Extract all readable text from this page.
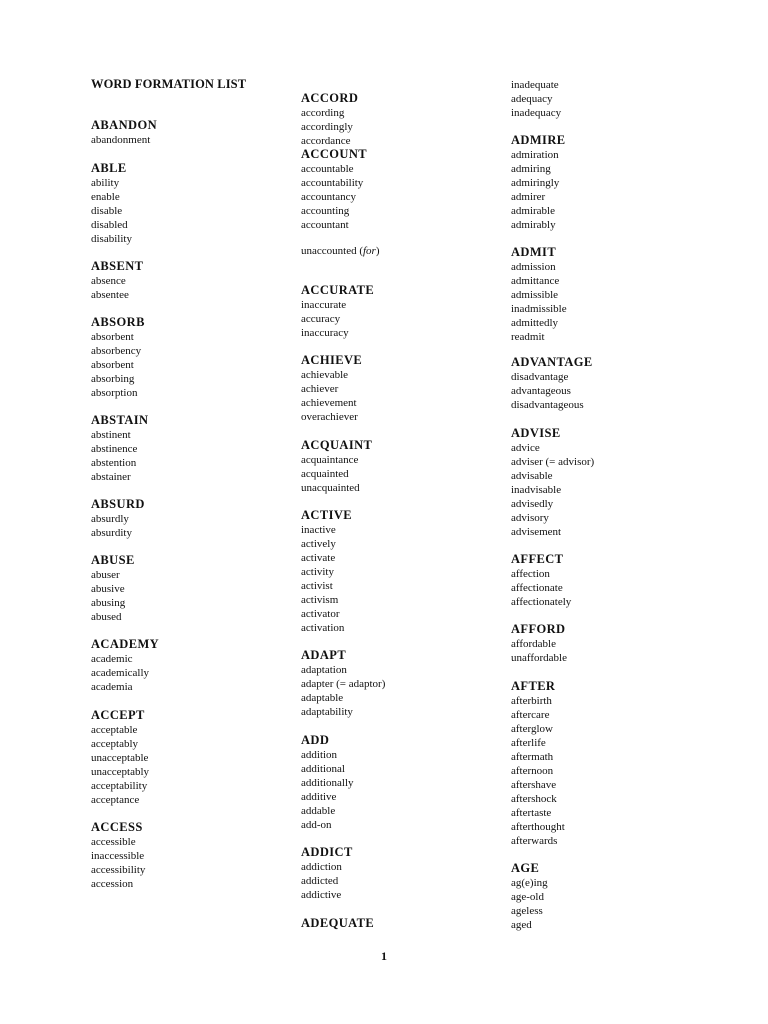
WORD FORMATION LIST
ABANDON
abandonment
ABLE
ability
enable
disable
disabled
disability
ABSENT
absence
absentee
ABSORB
absorbent
absorbency
absorbent
absorbing
absorption
ABSTAIN
abstinent
abstinence
abstention
abstainer
ABSURD
absurdly
absurdity
ABUSE
abuser
abusive
abusing
abused
ACADEMY
academic
academically
academia
ACCEPT
acceptable
acceptably
unacceptable
unacceptably
acceptability
acceptance
ACCESS
accessible
inaccessible
accessibility
accession
ACCORD
according
accordingly
accordance
ACCOUNT
accountable
accountability
accountancy
accounting
accountant
unaccounted (for)
ACCURATE
inaccurate
accuracy
inaccuracy
ACHIEVE
achievable
achiever
achievement
overachiever
ACQUAINT
acquaintance
acquainted
unacquainted
ACTIVE
inactive
actively
activate
activity
activist
activism
activator
activation
ADAPT
adaptation
adapter (= adaptor)
adaptable
adaptability
ADD
addition
additional
additionally
additive
addable
add-on
ADDICT
addiction
addicted
addictive
ADEQUATE
inadequate
adequacy
inadequacy
ADMIRE
admiration
admiring
admiringly
admirer
admirable
admirably
ADMIT
admission
admittance
admissible
inadmissible
admittedly
readmit
ADVANTAGE
disadvantage
advantageous
disadvantageous
ADVISE
advice
adviser (= advisor)
advisable
inadvisable
advisedly
advisory
advisement
AFFECT
affection
affectionate
affectionately
AFFORD
affordable
unaffordable
AFTER
afterbirth
aftercare
afterglow
afterlife
aftermath
afternoon
aftershave
aftershock
aftertaste
afterthought
afterwards
AGE
ag(e)ing
age-old
ageless
aged
1
